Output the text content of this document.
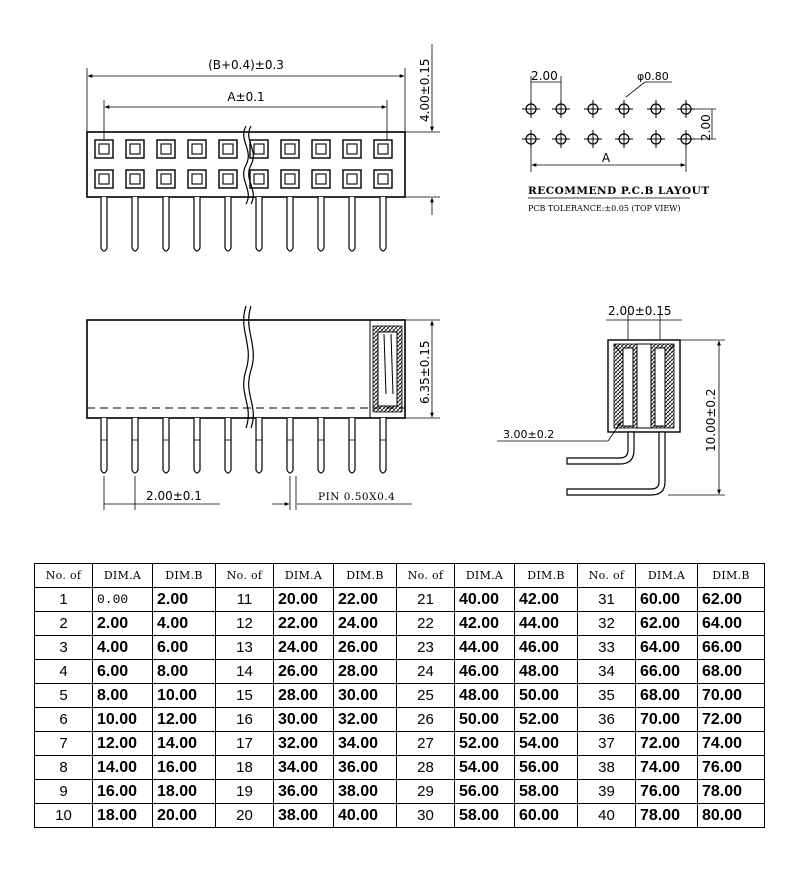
(B+0.4)±0.3
A±0.1	4.00±0.15	2.00	φ0.80
2.00
A
RECOMMEND P.C.B LAYOUT
PCB TOLERANCE:±0.05 (TOP VIEW)
6.35±0.15
2.00±0.1	PIN 0.50X0.4
2.00±0.15
10.00±0.2
3.00±0.2
No. of	DIM.A	DIM.B	No. of	DIM.A	DIM.B	No. of	DIM.A	DIM.B	No. of	DIM.A	DIM.B
1	0.00	2.00	11	20.00	22.00	21	40.00	42.00	31	60.00	62.00
2	2.00	4.00	12	22.00	24.00	22	42.00	44.00	32	62.00	64.00
3	4.00	6.00	13	24.00	26.00	23	44.00	46.00	33	64.00	66.00
4	6.00	8.00	14	26.00	28.00	24	46.00	48.00	34	66.00	68.00
5	8.00	10.00	15	28.00	30.00	25	48.00	50.00	35	68.00	70.00
6	10.00	12.00	16	30.00	32.00	26	50.00	52.00	36	70.00	72.00
7	12.00	14.00	17	32.00	34.00	27	52.00	54.00	37	72.00	74.00
8	14.00	16.00	18	34.00	36.00	28	54.00	56.00	38	74.00	76.00
9	16.00	18.00	19	36.00	38.00	29	56.00	58.00	39	76.00	78.00
10	18.00	20.00	20	38.00	40.00	30	58.00	60.00	40	78.00	80.00
